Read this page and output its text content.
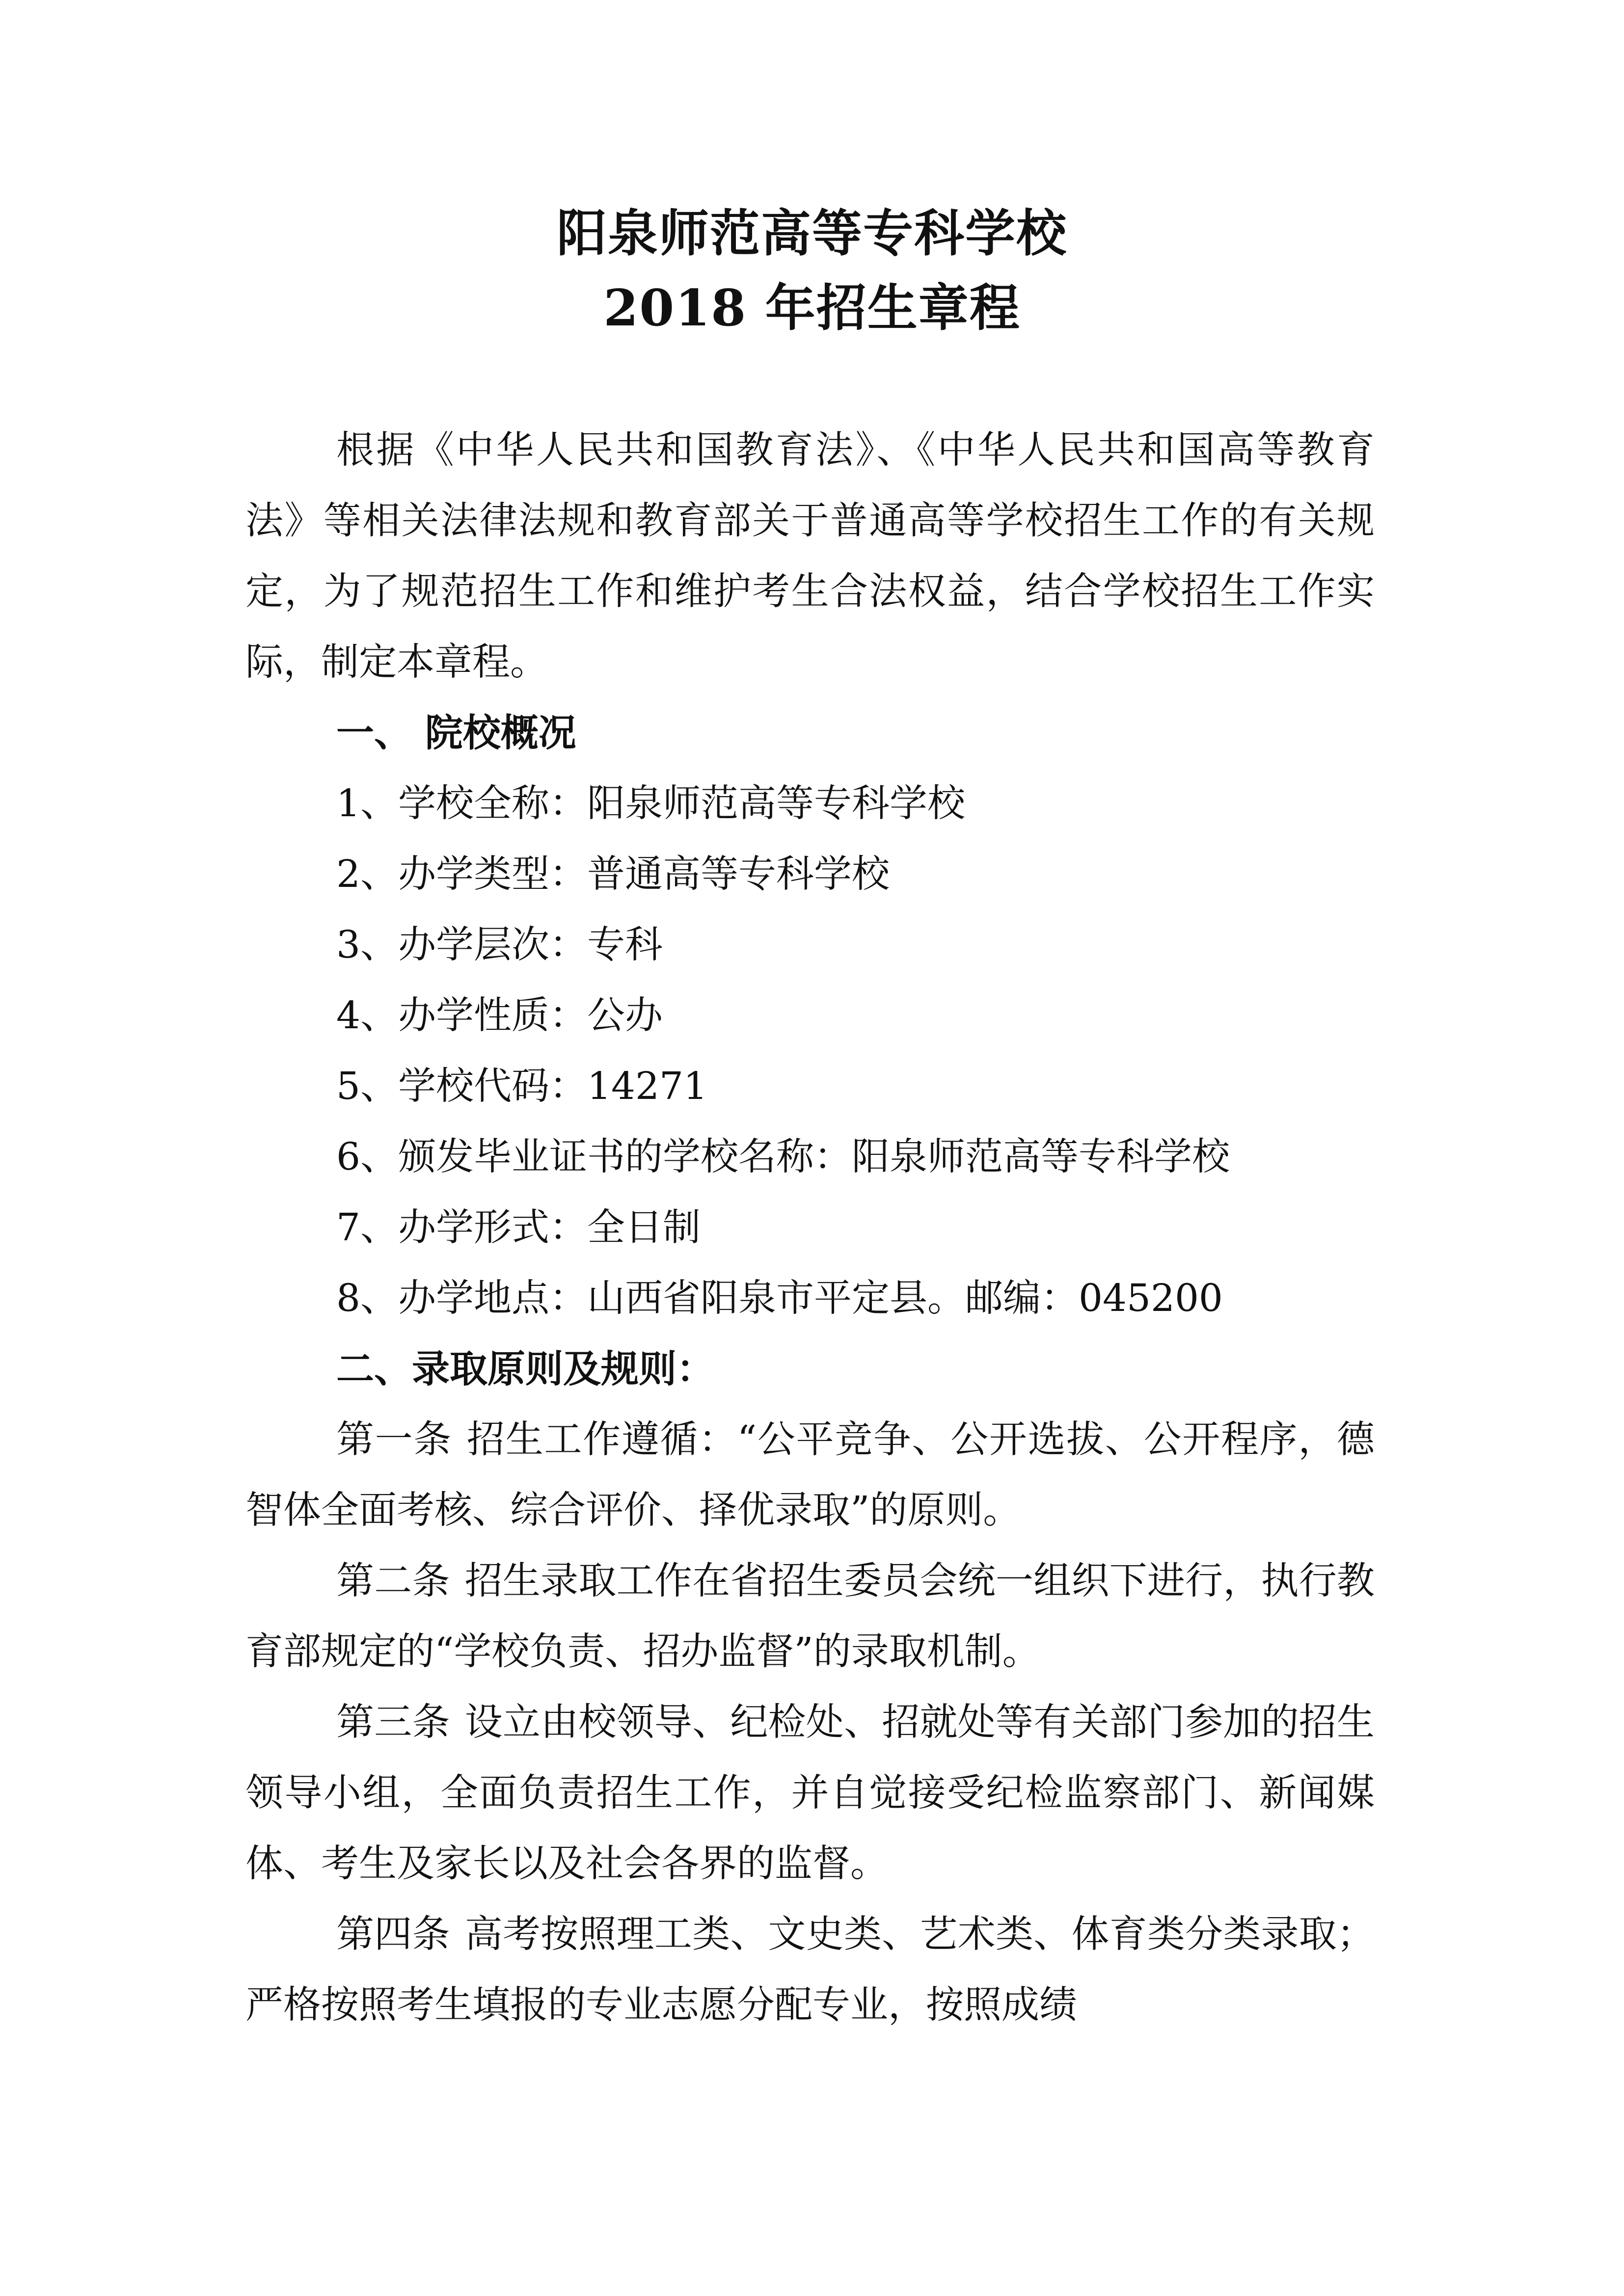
阳泉师范高等专科学校
2018 年招生章程

根据《中华人民共和国教育法》、《中华人民共和国高等教育法》等相关法律法规和教育部关于普通高等学校招生工作的有关规定，为了规范招生工作和维护考生合法权益，结合学校招生工作实际，制定本章程。

一、 院校概况

1、学校全称：阳泉师范高等专科学校

2、办学类型：普通高等专科学校

3、办学层次：专科

4、办学性质：公办

5、学校代码：14271

6、颁发毕业证书的学校名称：阳泉师范高等专科学校

7、办学形式：全日制

8、办学地点：山西省阳泉市平定县。邮编：045200

二、录取原则及规则：

第一条 招生工作遵循：“公平竞争、公开选拔、公开程序，德智体全面考核、综合评价、择优录取”的原则。

第二条 招生录取工作在省招生委员会统一组织下进行，执行教育部规定的“学校负责、招办监督”的录取机制。

第三条 设立由校领导、纪检处、招就处等有关部门参加的招生领导小组，全面负责招生工作，并自觉接受纪检监察部门、新闻媒体、考生及家长以及社会各界的监督。

第四条 高考按照理工类、文史类、艺术类、体育类分类录取；严格按照考生填报的专业志愿分配专业，按照成绩
